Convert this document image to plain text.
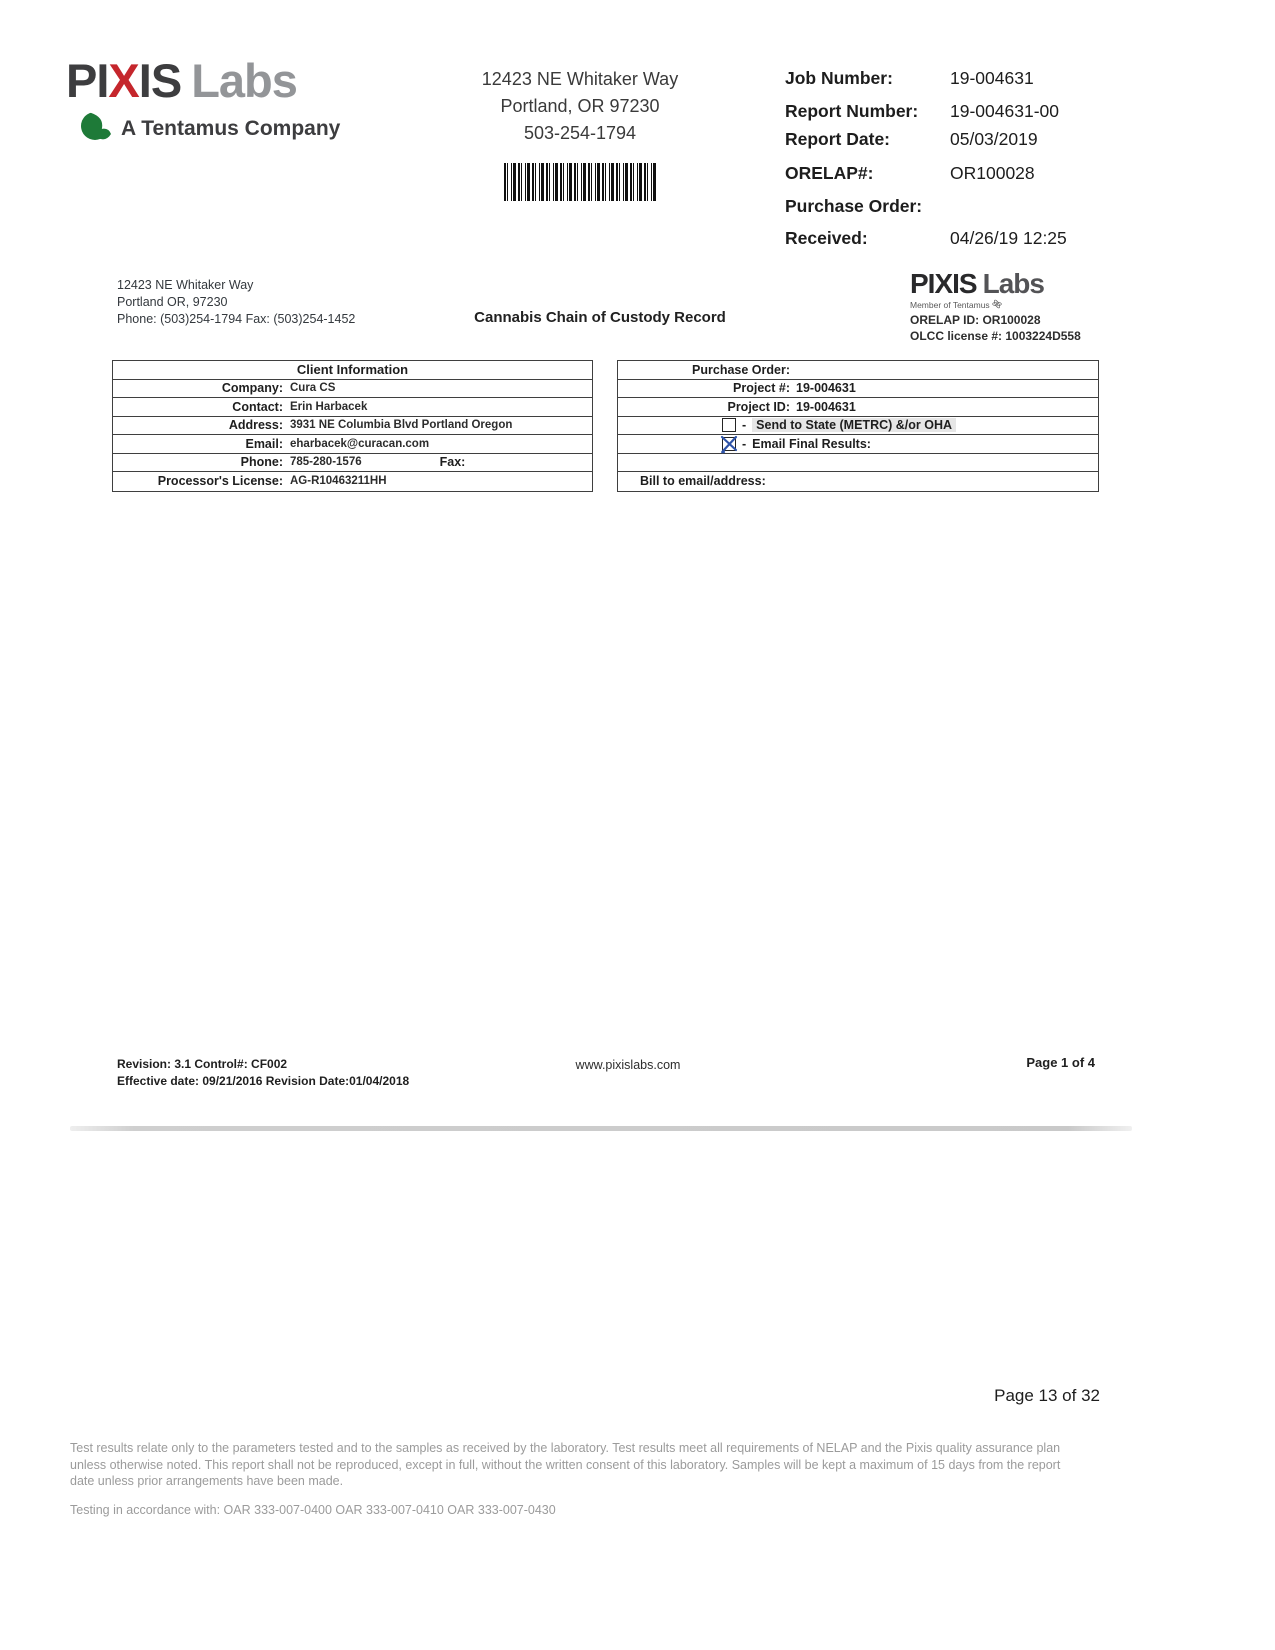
PIXIS Labs
A Tentamus Company
12423 NE Whitaker Way
Portland, OR 97230
503-254-1794
Job Number:	19-004631
Report Number:	19-004631-00
Report Date:	05/03/2019
ORELAP#:	OR100028
Purchase Order:
Received:	04/26/19 12:25
12423 NE Whitaker Way
Portland OR, 97230
Phone: (503)254-1794 Fax: (503)254-1452	Cannabis Chain of Custody Record
PIXIS Labs
Member of Tentamus
ORELAP ID: OR100028
OLCC license #: 1003224D558
Client Information
Company: Cura CS
Contact: Erin Harbacek
Address: 3931 NE Columbia Blvd Portland Oregon
Email: eharbacek@curacan.com
Phone: 785-280-1576	Fax:
Processor's License: AG-R10463211HH
Purchase Order:
Project #: 19-004631
Project ID: 19-004631
- Send to State (METRC) &/or OHA
- Email Final Results:
Bill to email/address:
Revision: 3.1 Control#: CF002
Effective date: 09/21/2016 Revision Date:01/04/2018
www.pixislabs.com	Page 1 of 4
Page 13 of 32
Test results relate only to the parameters tested and to the samples as received by the laboratory. Test results meet all requirements of NELAP and the Pixis quality assurance plan unless otherwise noted. This report shall not be reproduced, except in full, without the written consent of this laboratory. Samples will be kept a maximum of 15 days from the report date unless prior arrangements have been made.
Testing in accordance with: OAR 333-007-0400 OAR 333-007-0410 OAR 333-007-0430
